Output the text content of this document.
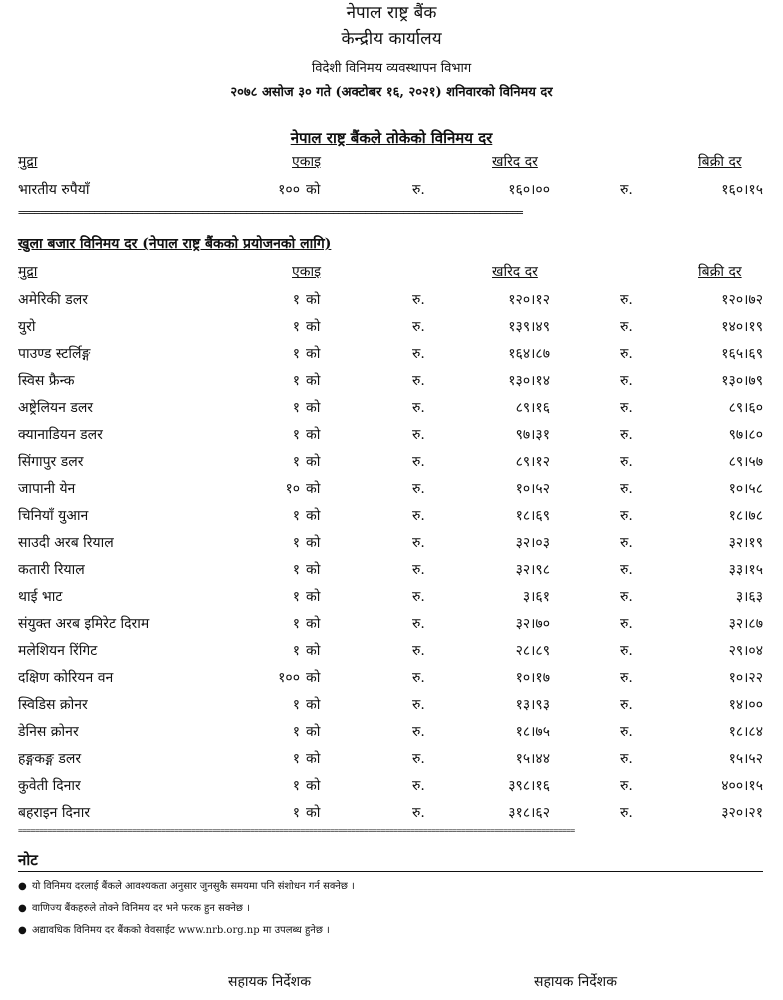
नेपाल राष्ट्र बैंक
केन्द्रीय कार्यालय
विदेशी विनिमय व्यवस्थापन विभाग
२०७८ असोज ३० गते (अक्टोबर १६, २०२१) शनिवारको विनिमय दर
नेपाल राष्ट्र बैंकले तोकेको विनिमय दर
मुद्रा	एकाइ	खरिद दर	बिक्री दर
भारतीय रुपैयाँ	१०० को	रु.	१६०।००	रु.	१६०।१५
=============================================================================================
खुला बजार विनिमय दर (नेपाल राष्ट्र बैंकको प्रयोजनको लागि)
मुद्रा	एकाइ	खरिद दर	बिक्री दर
अमेरिकी डलर	१ को	रु.	१२०।१२	रु.	१२०।७२
युरो	१ को	रु.	१३९।४९	रु.	१४०।१९
पाउण्ड स्टर्लिङ्ग	१ को	रु.	१६४।८७	रु.	१६५।६९
स्विस फ्रैन्क	१ को	रु.	१३०।१४	रु.	१३०।७९
अष्ट्रेलियन डलर	१ को	रु.	८९।१६	रु.	८९।६०
क्यानाडियन डलर	१ को	रु.	९७।३१	रु.	९७।८०
सिंगापुर डलर	१ को	रु.	८९।१२	रु.	८९।५७
जापानी येन	१० को	रु.	१०।५२	रु.	१०।५८
चिनियाँ युआन	१ को	रु.	१८।६९	रु.	१८।७८
साउदी अरब रियाल	१ को	रु.	३२।०३	रु.	३२।१९
कतारी रियाल	१ को	रु.	३२।९८	रु.	३३।१५
थाई भाट	१ को	रु.	३।६१	रु.	३।६३
संयुक्त अरब इमिरेट दिराम	१ को	रु.	३२।७०	रु.	३२।८७
मलेशियन रिंगिट	१ को	रु.	२८।८९	रु.	२९।०४
दक्षिण कोरियन वन	१०० को	रु.	१०।१७	रु.	१०।२२
स्विडिस क्रोनर	१ को	रु.	१३।९३	रु.	१४।००
डेनिस क्रोनर	१ को	रु.	१८।७५	रु.	१८।८४
हङ्गकङ्ग डलर	१ को	रु.	१५।४४	रु.	१५।५२
कुवेती दिनार	१ को	रु.	३९८।१६	रु.	४००।१५
बहराइन दिनार	१ को	रु.	३१८।६२	रु.	३२०।२१
====================================================================================================================================
नोट
● यो विनिमय दरलाई बैंकले आवश्यकता अनुसार जुनसुकै समयमा पनि संशोधन गर्न सक्नेछ ।
● वाणिज्य बैंकहरुले तोक्ने विनिमय दर भने फरक हुन सक्नेछ ।
● अद्यावधिक विनिमय दर बैंकको वेवसाईट www.nrb.org.np मा उपलब्ध हुनेछ ।
सहायक निर्देशक	सहायक निर्देशक
